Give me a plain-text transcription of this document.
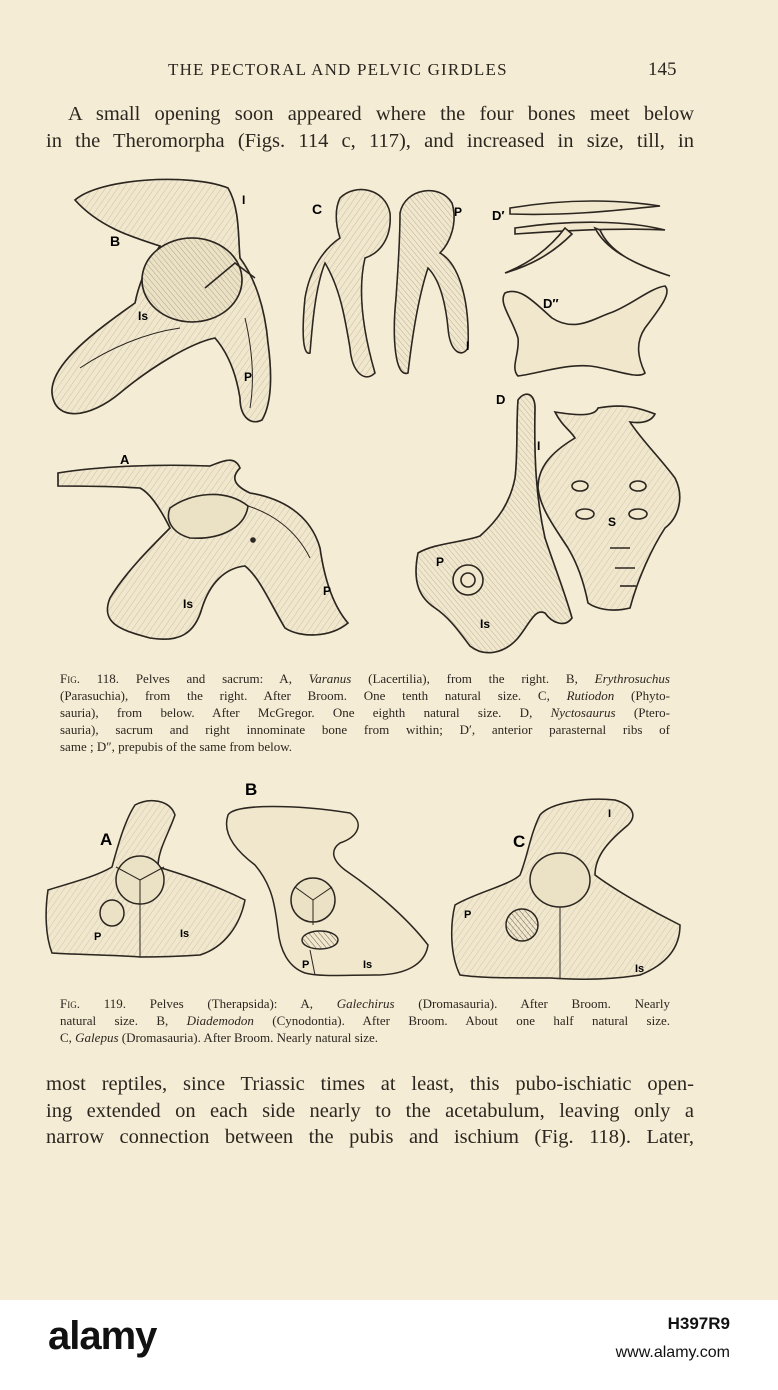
THE PECTORAL AND PELVIC GIRDLES	145

A small opening soon appeared where the four bones meet below
in the Theromorpha (Figs. 114 c, 117), and increased in size, till, in

B
I
Is
P
C	P
I
D′
D″
A
Is
P
D
I
P
Is
S

Fig. 118. Pelves and sacrum: A, Varanus (Lacertilia), from the right. B, Erythrosuchus
(Parasuchia), from the right. After Broom. One tenth natural size. C, Rutiodon (Phyto-
sauria), from below. After McGregor. One eighth natural size. D, Nyctosaurus (Ptero-
sauria), sacrum and right innominate bone from within; D′, anterior parasternal ribs of
same ; D″, prepubis of the same from below.

A
P	Is
B
P	Is
C
I
P
Is

Fig. 119. Pelves (Therapsida): A, Galechirus (Dromasauria). After Broom. Nearly
natural size. B, Diademodon (Cynodontia). After Broom. About one half natural size.
C, Galepus (Dromasauria). After Broom. Nearly natural size.

most reptiles, since Triassic times at least, this pubo-ischiatic open-
ing extended on each side nearly to the acetabulum, leaving only a
narrow connection between the pubis and ischium (Fig. 118). Later,

alamy	H397R9
www.alamy.com
